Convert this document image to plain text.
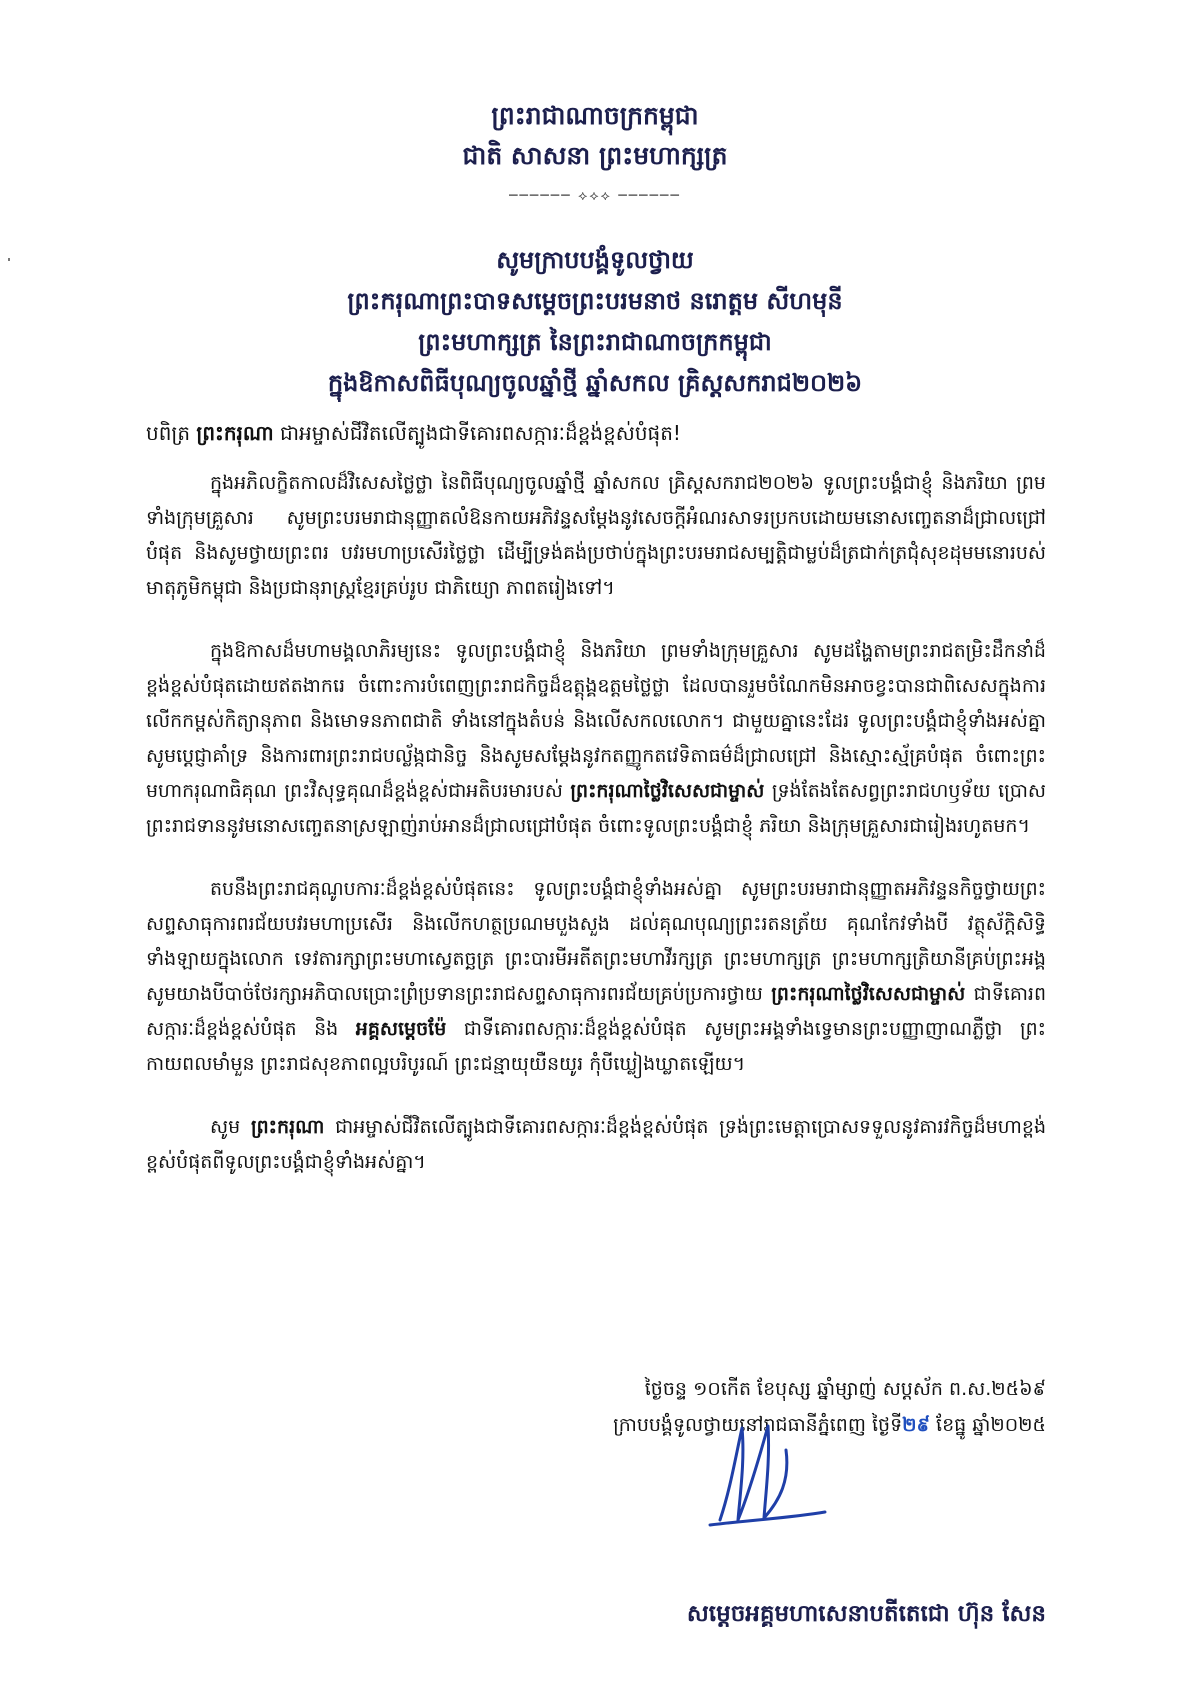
ព្រះរាជាណាចក្រកម្ពុជា
ជាតិ សាសនា ព្រះមហាក្សត្រ
────── ⟡⟡⟡ ──────
សូមក្រាបបង្គំទូលថ្វាយ
ព្រះករុណាព្រះបាទសម្តេចព្រះបរមនាថ នរោត្តម សីហមុនី
ព្រះមហាក្សត្រ នៃព្រះរាជាណាចក្រកម្ពុជា
ក្នុងឱកាសពិធីបុណ្យចូលឆ្នាំថ្មី ឆ្នាំសកល គ្រិស្តសករាជ២០២៦
បពិត្រ ព្រះករុណា ជាអម្ចាស់ជីវិតលើត្បូងជាទីគោរពសក្ការៈដ៏ខ្ពង់ខ្ពស់បំផុត!

ក្នុងអភិលក្ខិតកាលដ៏វិសេសថ្លៃថ្លា នៃពិធីបុណ្យចូលឆ្នាំថ្មី ឆ្នាំសកល គ្រិស្តសករាជ២០២៦ ទូលព្រះបង្គំជាខ្ញុំ និងភរិយា ព្រមទាំងក្រុមគ្រួសារ សូមព្រះបរមរាជានុញ្ញាតលំឱនកាយអភិវន្ទសម្តែងនូវសេចក្តីអំណរសាទរប្រកបដោយមនោសញ្ចេតនាដ៏ជ្រាលជ្រៅបំផុត និងសូមថ្វាយព្រះពរ បវរមហាប្រសើរថ្លៃថ្លា ដើម្បីទ្រង់គង់ប្រថាប់ក្នុងព្រះបរមរាជសម្បត្តិជាម្លប់ដ៏ត្រជាក់ត្រជុំសុខដុមមនោរបស់មាតុភូមិកម្ពុជា និងប្រជានុរាស្ត្រខ្មែរគ្រប់រូប ជាភិយ្យោ ភាពតរៀងទៅ។

ក្នុងឱកាសដ៏មហាមង្គលាភិរម្យនេះ ទូលព្រះបង្គំជាខ្ញុំ និងភរិយា ព្រមទាំងក្រុមគ្រួសារ សូមដង្ហែតាមព្រះរាជតម្រិះដឹកនាំដ៏ខ្ពង់ខ្ពស់បំផុតដោយឥតងាករេ ចំពោះការបំពេញព្រះរាជកិច្ចដ៏ឧត្តុង្គឧត្តមថ្លៃថ្លា ដែលបានរួមចំណែកមិនអាចខ្វះបានជាពិសេសក្នុងការលើកកម្ពស់កិត្យានុភាព និងមោទនភាពជាតិ ទាំងនៅក្នុងតំបន់ និងលើសកលលោក។ ជាមួយគ្នានេះដែរ ទូលព្រះបង្គំជាខ្ញុំទាំងអស់គ្នា សូមប្តេជ្ញាគាំទ្រ និងការពារព្រះរាជបល្ល័ង្កជានិច្ច និងសូមសម្តែងនូវកតញ្ញូកតវេទិតាធម៌ដ៏ជ្រាលជ្រៅ និងស្មោះស្ម័គ្របំផុត ចំពោះព្រះមហាករុណាធិគុណ ព្រះវិសុទ្ធគុណដ៏ខ្ពង់ខ្ពស់ជាអតិបរមារបស់ ព្រះករុណាថ្លៃវិសេសជាម្ចាស់ ទ្រង់តែងតែសព្វព្រះរាជហឫទ័យ ប្រោសព្រះរាជទាននូវមនោសញ្ចេតនាស្រឡាញ់រាប់អានដ៏ជ្រាលជ្រៅបំផុត ចំពោះទូលព្រះបង្គំជាខ្ញុំ ភរិយា និងក្រុមគ្រួសារជារៀងរហូតមក។

តបនឹងព្រះរាជគុណូបការៈដ៏ខ្ពង់ខ្ពស់បំផុតនេះ ទូលព្រះបង្គំជាខ្ញុំទាំងអស់គ្នា សូមព្រះបរមរាជានុញ្ញាតអភិវន្ទនកិច្ចថ្វាយព្រះសព្ទសាធុការពរជ័យបវរមហាប្រសើរ និងលើកហត្ថប្រណមបួងសួង ដល់គុណបុណ្យព្រះរតនត្រ័យ គុណកែវទាំងបី វត្ថុស័ក្តិសិទ្ធិទាំងឡាយក្នុងលោក ទេវតារក្សាព្រះមហាស្វេតច្ឆត្រ ព្រះបារមីអតីតព្រះមហាវីរក្សត្រ ព្រះមហាក្សត្រ ព្រះមហាក្សត្រិយានីគ្រប់ព្រះអង្គ សូមយាងបីបាច់ថែរក្សាអភិបាលប្រោះព្រំប្រទានព្រះរាជសព្ទសាធុការពរជ័យគ្រប់ប្រការថ្វាយ ព្រះករុណាថ្លៃវិសេសជាម្ចាស់ ជាទីគោរពសក្ការៈដ៏ខ្ពង់ខ្ពស់បំផុត និង អគ្គសម្តេចម៉ែ ជាទីគោរពសក្ការៈដ៏ខ្ពង់ខ្ពស់បំផុត សូមព្រះអង្គទាំងទ្វេមានព្រះបញ្ញាញាណភ្លឺថ្លា ព្រះកាយពលមាំមួន ព្រះរាជសុខភាពល្អបរិបូរណ៍ ព្រះជន្មាយុយឺនយូរ កុំបីឃ្លៀងឃ្លាតឡើយ។

សូម ព្រះករុណា ជាអម្ចាស់ជីវិតលើត្បូងជាទីគោរពសក្ការៈដ៏ខ្ពង់ខ្ពស់បំផុត ទ្រង់ព្រះមេត្តាប្រោសទទួលនូវគារវកិច្ចដ៏មហាខ្ពង់ខ្ពស់បំផុតពីទូលព្រះបង្គំជាខ្ញុំទាំងអស់គ្នា។

ថ្ងៃចន្ទ ១០កើត ខែបុស្ស ឆ្នាំម្សាញ់ សប្តស័ក ព.ស.២៥៦៩
ក្រាបបង្គំទូលថ្វាយនៅរាជធានីភ្នំពេញ ថ្ងៃទី២៩ ខែធ្នូ ឆ្នាំ២០២៥
សម្តេចអគ្គមហាសេនាបតីតេជោ ហ៊ុន សែន
